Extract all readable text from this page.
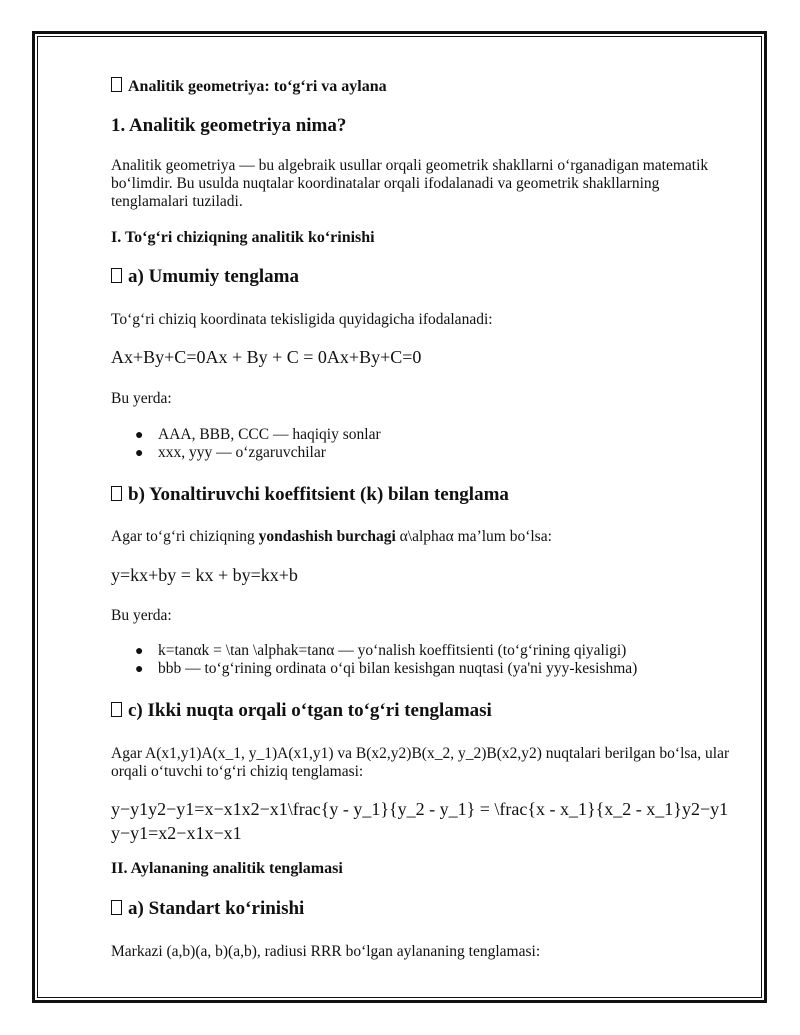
Analitik geometriya: to‘g‘ri va aylana
1. Analitik geometriya nima?
Analitik geometriya — bu algebraik usullar orqali geometrik shakllarni o‘rganadigan matematik
bo‘limdir. Bu usulda nuqtalar koordinatalar orqali ifodalanadi va geometrik shakllarning
tenglamalari tuziladi.
I. To‘g‘ri chiziqning analitik ko‘rinishi
a) Umumiy tenglama
To‘g‘ri chiziq koordinata tekisligida quyidagicha ifodalanadi:
Ax+By+C=0Ax + By + C = 0Ax+By+C=0
Bu yerda:
● AAA, BBB, CCC — haqiqiy sonlar
● xxx, yyy — o‘zgaruvchilar
b) Yonaltiruvchi koeffitsient (k) bilan tenglama
Agar to‘g‘ri chiziqning yondashish burchagi α\alphaα ma’lum bo‘lsa:
y=kx+by = kx + by=kx+b
Bu yerda:
● k=tanαk = \tan \alphak=tanα — yo‘nalish koeffitsienti (to‘g‘rining qiyaligi)
● bbb — to‘g‘rining ordinata o‘qi bilan kesishgan nuqtasi (ya'ni yyy-kesishma)
c) Ikki nuqta orqali o‘tgan to‘g‘ri tenglamasi
Agar A(x1,y1)A(x_1, y_1)A(x1,y1) va B(x2,y2)B(x_2, y_2)B(x2,y2) nuqtalari berilgan bo‘lsa, ular
orqali o‘tuvchi to‘g‘ri chiziq tenglamasi:
y−y1y2−y1=x−x1x2−x1\frac{y - y_1}{y_2 - y_1} = \frac{x - x_1}{x_2 - x_1}y2−y1
y−y1=x2−x1x−x1
II. Aylananing analitik tenglamasi
a) Standart ko‘rinishi
Markazi (a,b)(a, b)(a,b), radiusi RRR bo‘lgan aylananing tenglamasi:
